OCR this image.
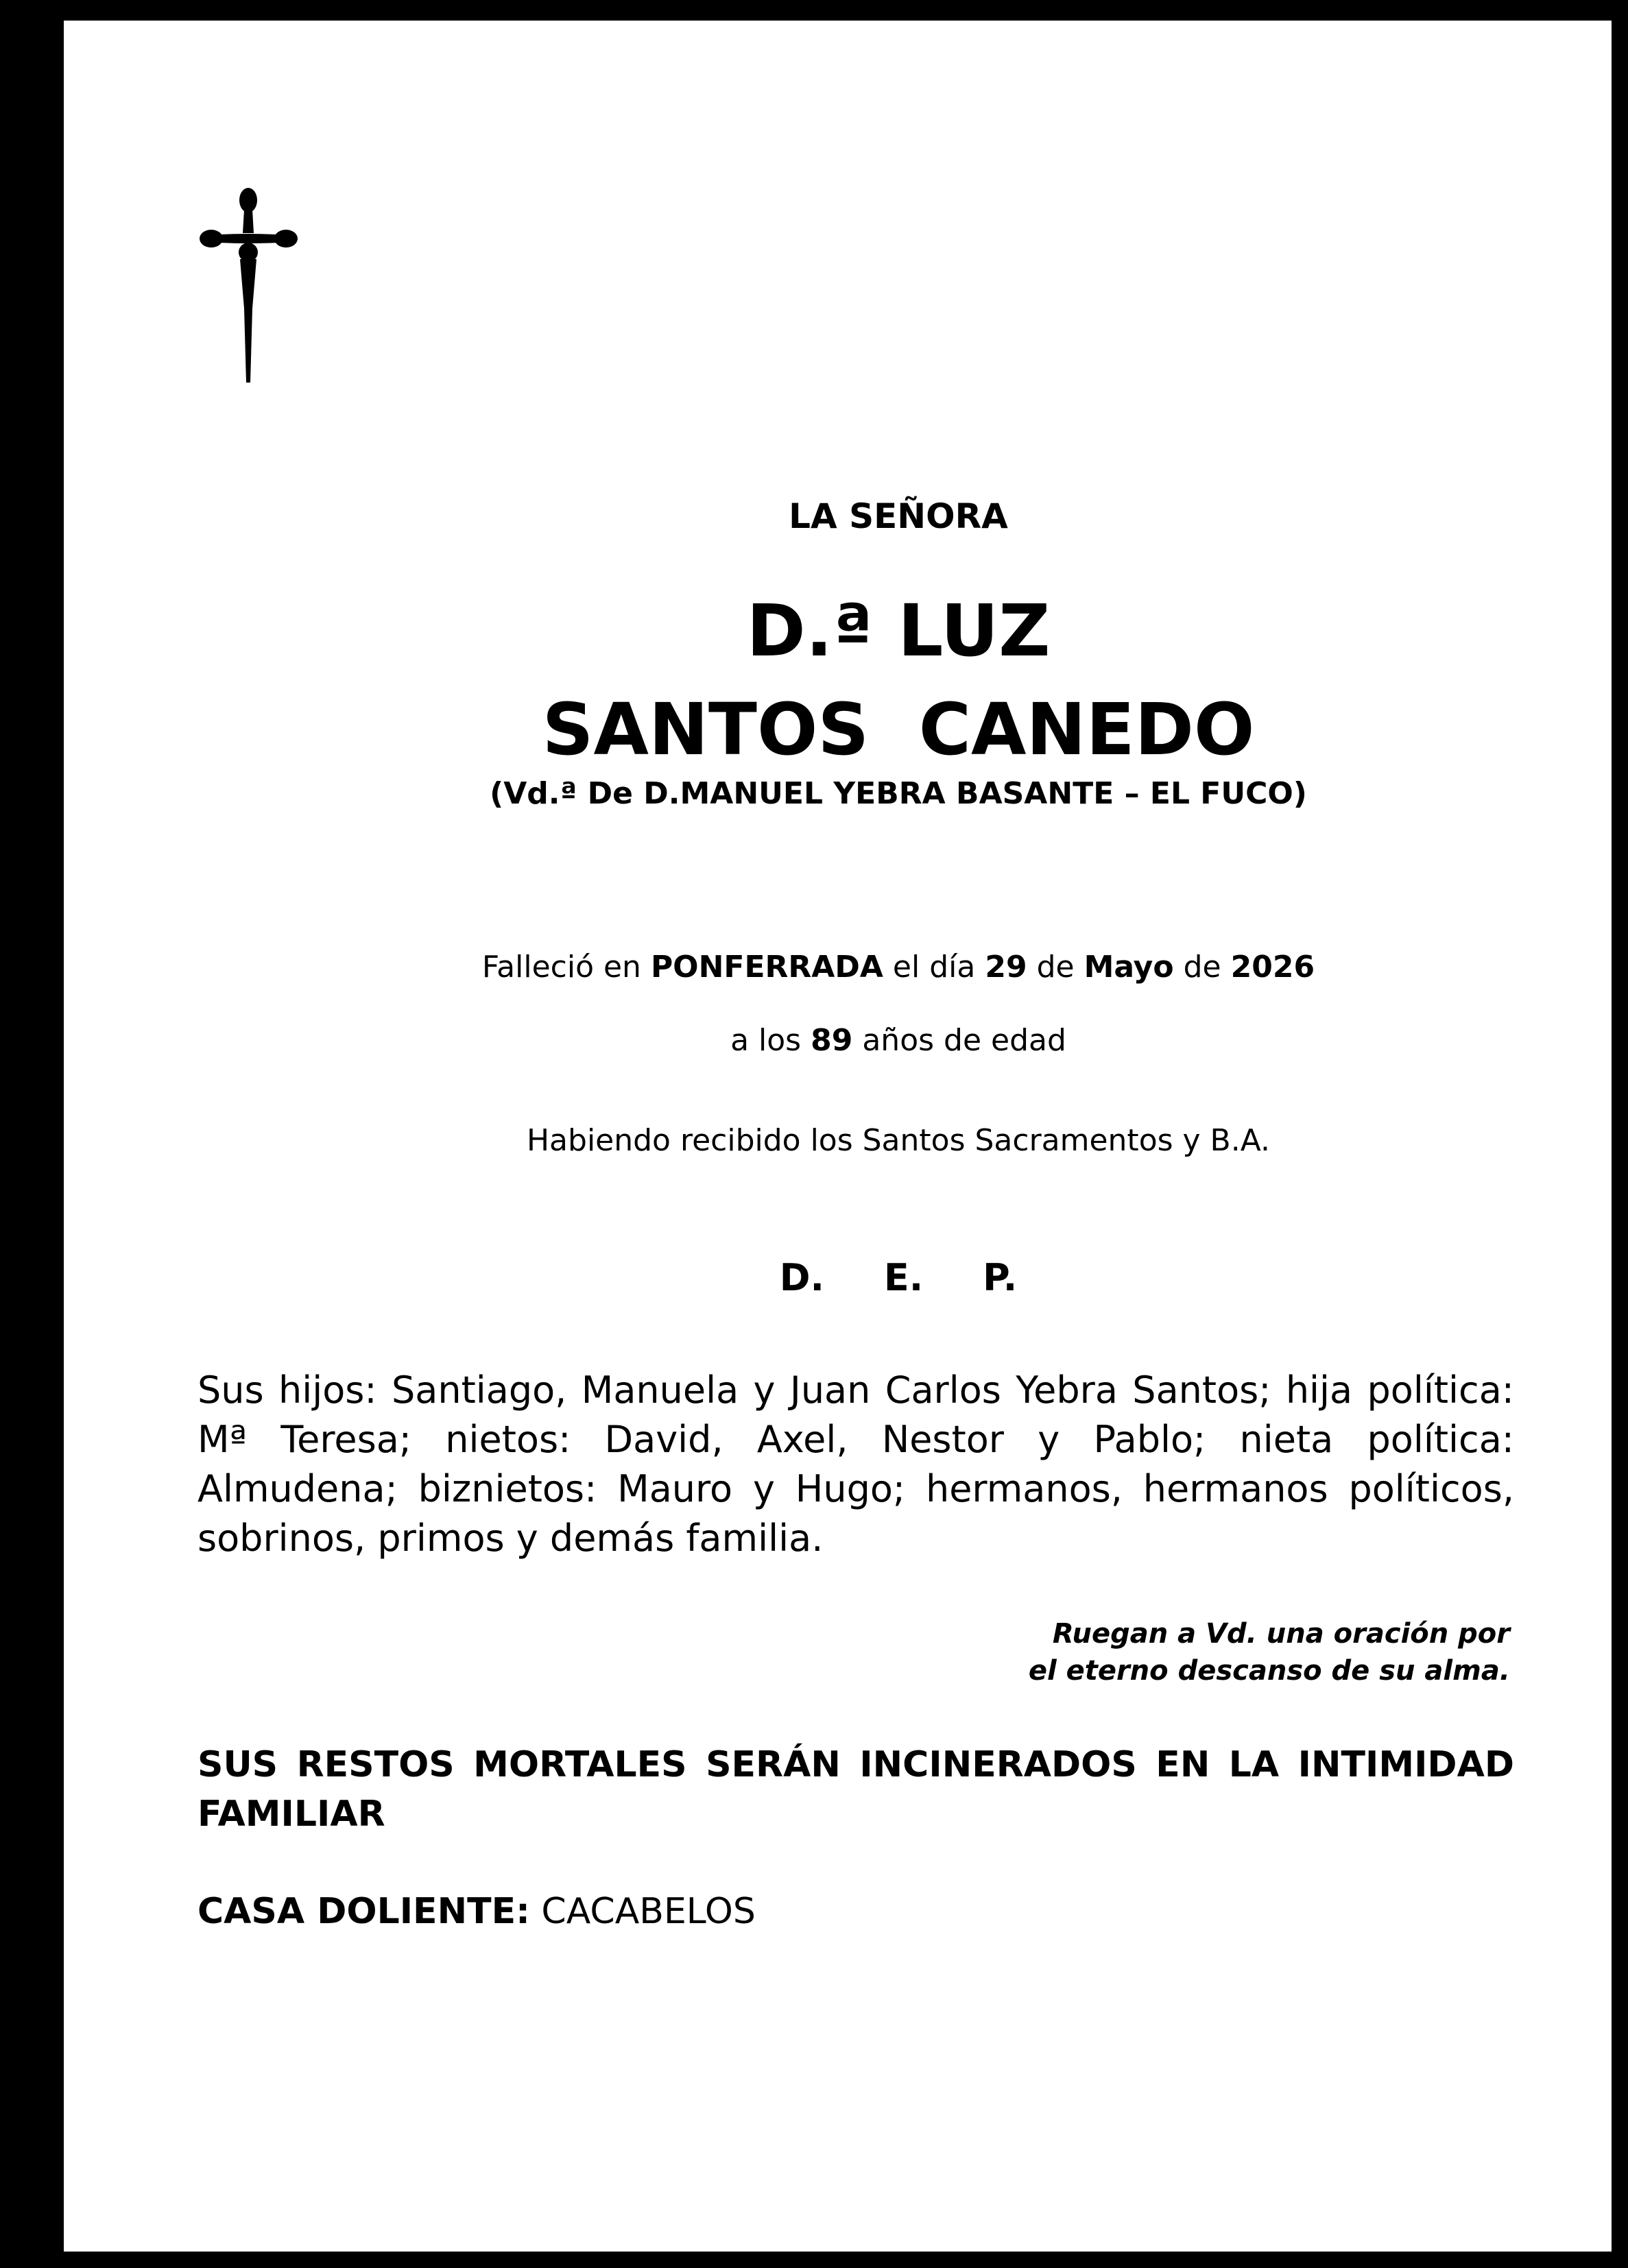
LA SEÑORA
D.ª LUZ
SANTOS  CANEDO
(Vd.ª De D.MANUEL YEBRA BASANTE – EL FUCO)
Falleció en PONFERRADA el día 29 de Mayo de 2026
a los 89 años de edad
Habiendo recibido los Santos Sacramentos y B.A.
D. E. P.
Sus hijos: Santiago, Manuela y Juan Carlos Yebra Santos; hija política: Mª Teresa; nietos: David, Axel, Nestor y Pablo; nieta política: Almudena; biznietos: Mauro y Hugo; hermanos, hermanos políticos, sobrinos, primos y demás familia.
Ruegan a Vd. una oración por
el eterno descanso de su alma.
SUS RESTOS MORTALES SERÁN INCINERADOS EN LA INTIMIDAD FAMILIAR
CASA DOLIENTE: CACABELOS
